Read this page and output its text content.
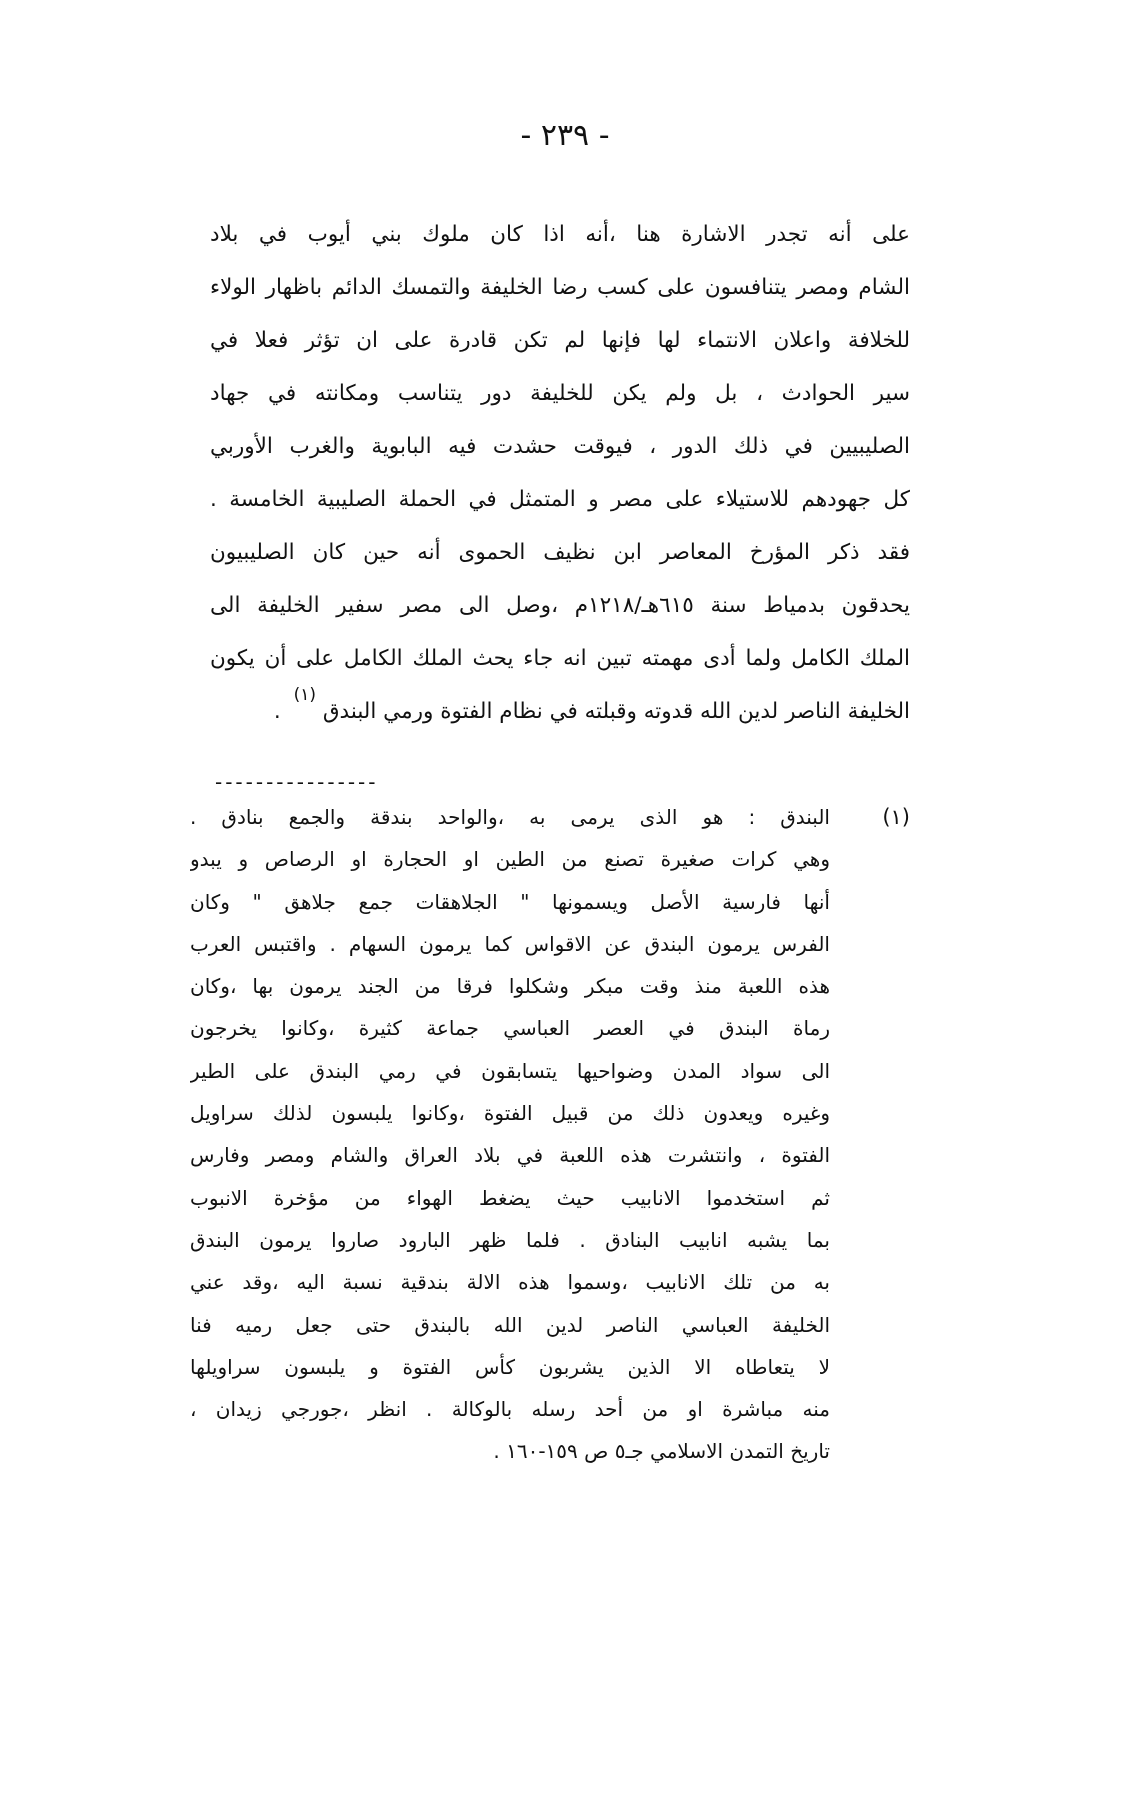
- ٢٣٩ -
على أنه تجدر الاشارة هنا ،أنه اذا كان ملوك بني أيوب في بلاد
الشام ومصر يتنافسون على كسب رضا الخليفة والتمسك الدائم باظهار الولاء
للخلافة واعلان الانتماء لها فإنها لم تكن قادرة على ان تؤثر فعلا في
سير الحوادث ، بل ولم يكن للخليفة دور يتناسب ومكانته في جهاد
الصليبيين في ذلك الدور ، فيوقت حشدت فيه البابوية والغرب الأوربي
كل جهودهم للاستيلاء على مصر و المتمثل في الحملة الصليبية الخامسة .
فقد ذكر المؤرخ المعاصر ابن نظيف الحموى أنه حين كان الصليبيون
يحدقون بدمياط سنة ٦١٥هـ/١٢١٨م ،وصل الى مصر سفير الخليفة الى
الملك الكامل ولما أدى مهمته تبين انه جاء يحث الملك الكامل على أن يكون
الخليفة الناصر لدين الله قدوته وقبلته في نظام الفتوة ورمي البندق $^{(١)}$ .
----------------
(١)
البندق : هو الذى يرمى به ،والواحد بندقة والجمع بنادق .
وهي كرات صغيرة تصنع من الطين او الحجارة او الرصاص و يبدو
أنها فارسية الأصل ويسمونها " الجلاهقات جمع جلاهق " وكان
الفرس يرمون البندق عن الاقواس كما يرمون السهام . واقتبس العرب
هذه اللعبة منذ وقت مبكر وشكلوا فرقا من الجند يرمون بها ،وكان
رماة البندق في العصر العباسي جماعة كثيرة ،وكانوا يخرجون
الى سواد المدن وضواحيها يتسابقون في رمي البندق على الطير
وغيره ويعدون ذلك من قبيل الفتوة ،وكانوا يلبسون لذلك سراويل
الفتوة ، وانتشرت هذه اللعبة في بلاد العراق والشام ومصر وفارس
ثم استخدموا الانابيب حيث يضغط الهواء من مؤخرة الانبوب
بما يشبه انابيب البنادق . فلما ظهر البارود صاروا يرمون البندق
به من تلك الانابيب ،وسموا هذه الالة بندقية نسبة اليه ،وقد عني
الخليفة العباسي الناصر لدين الله بالبندق حتى جعل رميه فنا
لا يتعاطاه الا الذين يشربون كأس الفتوة و يلبسون سراويلها
منه مباشرة او من أحد رسله بالوكالة . انظر ،جورجي زيدان ،
تاريخ التمدن الاسلامي جـ٥ ص ١٥٩-١٦٠ .
